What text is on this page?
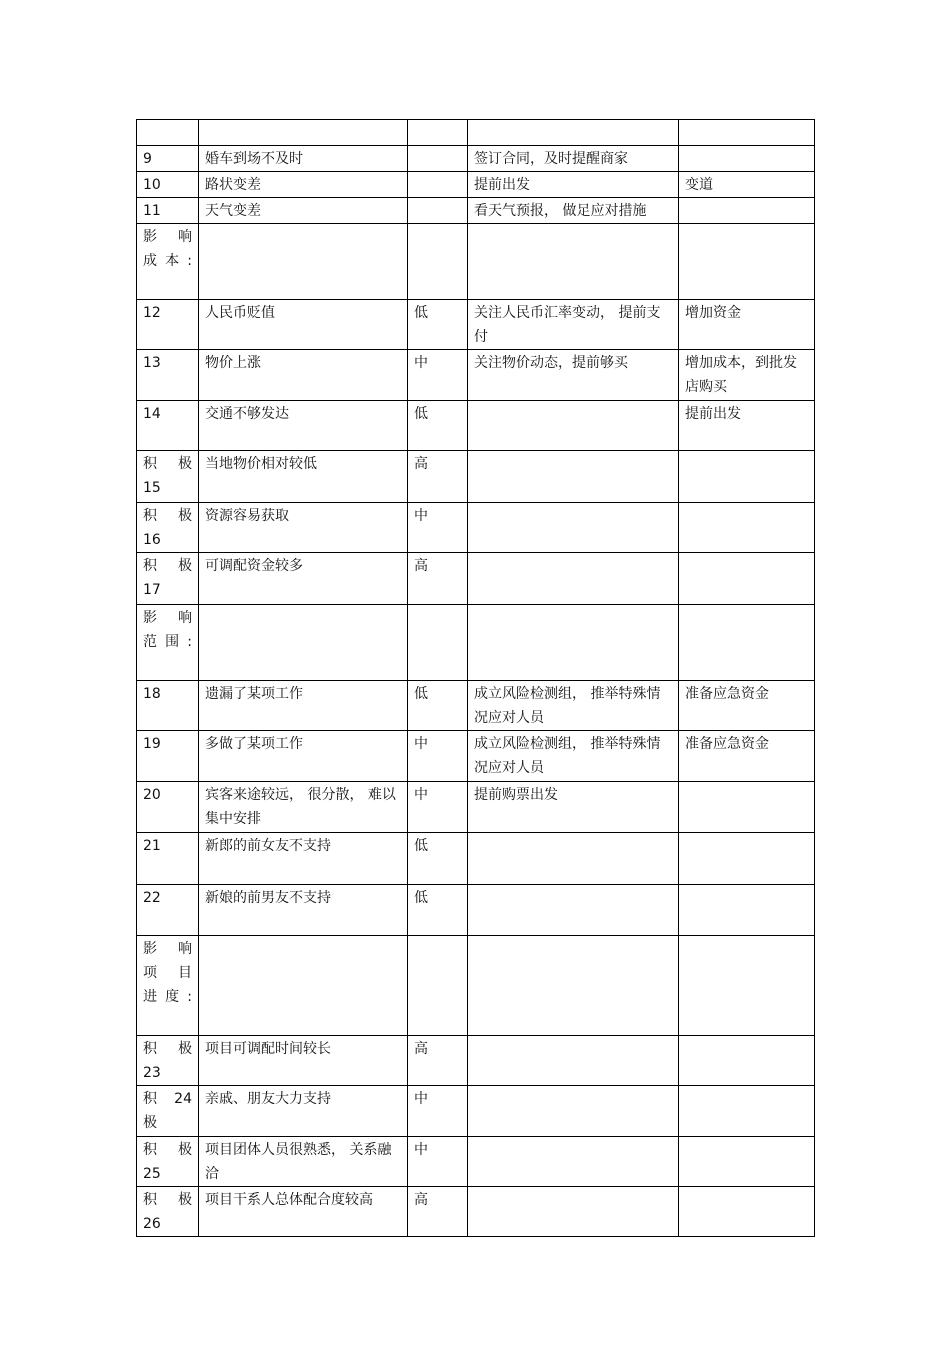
9	婚车到场不及时		签订合同，及时提醒商家	

10	路状变差		提前出发	变道

11	天气变差		看天气预报， 做足应对措施	
影 响 成本:				

12	人民币贬值	低	关注人民币汇率变动， 提前支付	增加资金

13	物价上涨	中	关注物价动态，提前够买	增加成本，到批发店购买

14	交通不够发达	低		提前出发
积 极 15	当地物价相对较低	高		
积 极 16	资源容易获取	中		
积 极 17	可调配资金较多	高		
影 响 范围:				

18	遗漏了某项工作	低	成立风险检测组， 推举特殊情况应对人员	准备应急资金

19	多做了某项工作	中	成立风险检测组， 推举特殊情况应对人员	准备应急资金

20	宾客来途较远， 很分散， 难以集中安排	中	提前购票出发	

21	新郎的前女友不支持	低		

22	新娘的前男友不支持	低		
影 响 项 目 进度:				
积 极 23	项目可调配时间较长	高		
积 24 极	亲戚、朋友大力支持	中		
积 极 25	项目团体人员很熟悉， 关系融洽	中		
积 极 26	项目干系人总体配合度较高	高		
